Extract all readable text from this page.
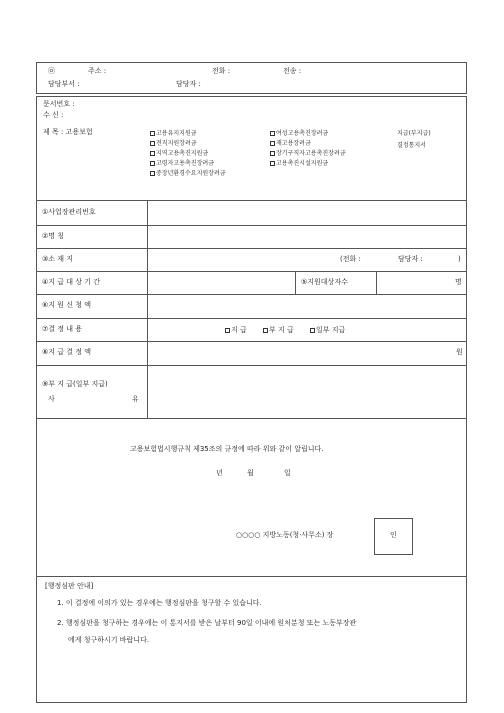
㉧	주소 :	전화 :	전송 :
담당부서 :	담당자 :
문서번호 :
수 신 :
제 목 : 고용보험	고용유지지원금
전직지원장려금
지역고용촉진지원금
고령자고용촉진장려금
중장년환경수요지원장려금
여성고용촉진장려금
재고용장려금
장기구직자고용촉진장려금
고용촉진시설지원금
지급(부지급)
결정통지서
①사업장관리번호
②명 칭
③소 재 지	(전화 :	담당자 :	)
④지 급 대 상 기 간	⑤지원대상자수	명
⑥지 원 신 청 액
⑦결 정 내 용	지 급	부 지 급	일부 지급
⑧지 급 결 정 액	원
⑨부 지 급(일부 지급)
사	유
고용보험법시행규칙 제35조의 규정에 따라 위와 같이 알립니다.
년	월	일
○○○○ 지방노동(청·사무소) 장	인
[행정심판 안내]
1. 이 결정에 이의가 있는 경우에는 행정심판을 청구할 수 있습니다.
2. 행정심판을 청구하는 경우에는 이 통지서를 받은 날부터 90일 이내에 원처분청 또는 노동부장관
에게 청구하시기 바랍니다.
